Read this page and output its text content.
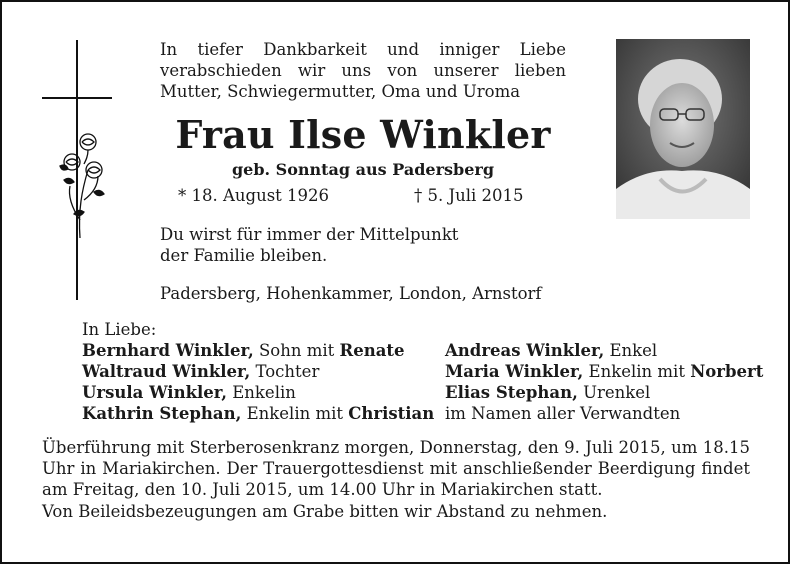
In tiefer Dankbarkeit und inniger Liebe verabschieden wir uns von unserer lieben Mutter, Schwiegermutter, Oma und Uroma
Frau Ilse Winkler
geb. Sonntag aus Padersberg
* 18. August 1926	† 5. Juli 2015
Du wirst für immer der Mittelpunkt
der Familie bleiben.
Padersberg, Hohenkammer, London, Arnstorf
In Liebe:
Bernhard Winkler, Sohn mit Renate
Waltraud Winkler, Tochter
Ursula Winkler, Enkelin
Kathrin Stephan, Enkelin mit Christian
Andreas Winkler, Enkel
Maria Winkler, Enkelin mit Norbert
Elias Stephan, Urenkel
im Namen aller Verwandten
Überführung mit Sterberosenkranz morgen, Donnerstag, den 9. Juli 2015, um 18.15 Uhr in Mariakirchen. Der Trauergottesdienst mit anschließender Beerdigung findet am Freitag, den 10. Juli 2015, um 14.00 Uhr in Mariakirchen statt.
Von Beileidsbezeugungen am Grabe bitten wir Abstand zu nehmen.
